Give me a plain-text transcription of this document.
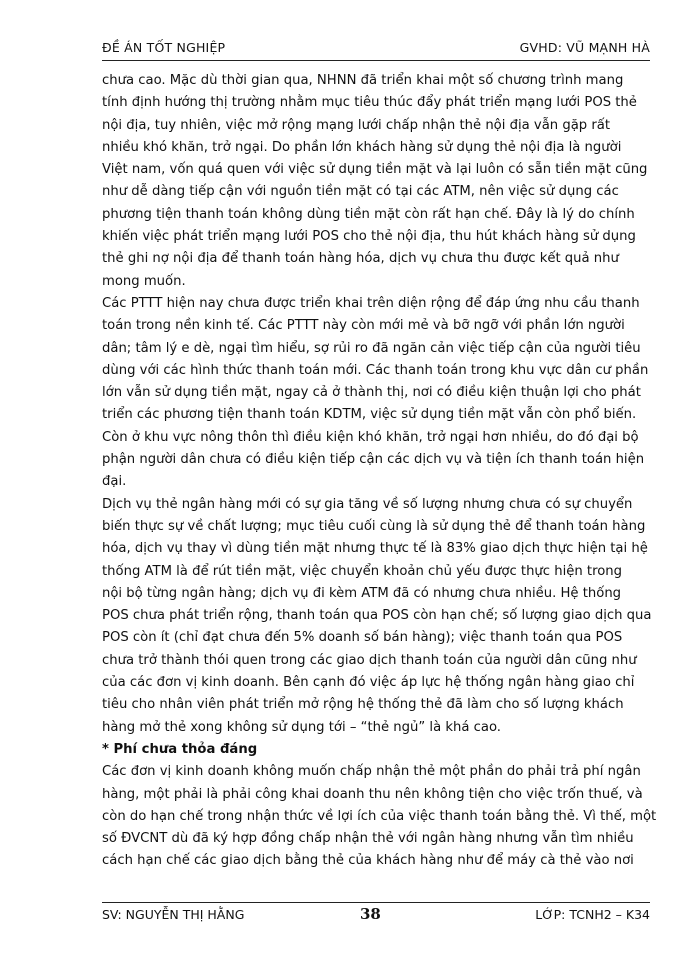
ĐỀ ÁN TỐT NGHIỆP	GVHD: VŨ MẠNH HÀ
chưa cao. Mặc dù thời gian qua, NHNN đã triển khai một số chương trình mang
tính định hướng thị trường nhằm mục tiêu thúc đẩy phát triển mạng lưới POS thẻ
nội địa, tuy nhiên, việc mở rộng mạng lưới chấp nhận thẻ nội địa vẫn gặp rất
nhiều khó khăn, trở ngại. Do phần lớn khách hàng sử dụng thẻ nội địa là người
Việt nam, vốn quá quen với việc sử dụng tiền mặt và lại luôn có sẵn tiền mặt cũng
như dễ dàng tiếp cận với nguồn tiền mặt có tại các ATM, nên việc sử dụng các
phương tiện thanh toán không dùng tiền mặt còn rất hạn chế. Đây là lý do chính
khiến việc phát triển mạng lưới POS cho thẻ nội địa, thu hút khách hàng sử dụng
thẻ ghi nợ nội địa để thanh toán hàng hóa, dịch vụ chưa thu được kết quả như
mong muốn.
Các PTTT hiện nay chưa được triển khai trên diện rộng để đáp ứng nhu cầu thanh
toán trong nền kinh tế. Các PTTT này còn mới mẻ và bỡ ngỡ với phần lớn người
dân; tâm lý e dè, ngại tìm hiểu, sợ rủi ro đã ngăn cản việc tiếp cận của người tiêu
dùng với các hình thức thanh toán mới. Các thanh toán trong khu vực dân cư phần
lớn vẫn sử dụng tiền mặt, ngay cả ở thành thị, nơi có điều kiện thuận lợi cho phát
triển các phương tiện thanh toán KDTM, việc sử dụng tiền mặt vẫn còn phổ biến.
Còn ở khu vực nông thôn thì điều kiện khó khăn, trở ngại hơn nhiều, do đó đại bộ
phận người dân chưa có điều kiện tiếp cận các dịch vụ và tiện ích thanh toán hiện
đại.
Dịch vụ thẻ ngân hàng mới có sự gia tăng về số lượng nhưng chưa có sự chuyển
biến thực sự về chất lượng; mục tiêu cuối cùng là sử dụng thẻ để thanh toán hàng
hóa, dịch vụ thay vì dùng tiền mặt nhưng thực tế là 83% giao dịch thực hiện tại hệ
thống ATM là để rút tiền mặt, việc chuyển khoản chủ yếu được thực hiện trong
nội bộ từng ngân hàng; dịch vụ đi kèm ATM đã có nhưng chưa nhiều. Hệ thống
POS chưa phát triển rộng, thanh toán qua POS còn hạn chế; số lượng giao dịch qua
POS còn ít (chỉ đạt chưa đến 5% doanh số bán hàng); việc thanh toán qua POS
chưa trở thành thói quen trong các giao dịch thanh toán của người dân cũng như
của các đơn vị kinh doanh. Bên cạnh đó việc áp lực hệ thống ngân hàng giao chỉ
tiêu cho nhân viên phát triển mở rộng hệ thống thẻ đã làm cho số lượng khách
hàng mở thẻ xong không sử dụng tới – “thẻ ngủ” là khá cao.
* Phí chưa thỏa đáng
Các đơn vị kinh doanh không muốn chấp nhận thẻ một phần do phải trả phí ngân
hàng, một phải là phải công khai doanh thu nên không tiện cho việc trốn thuế, và
còn do hạn chế trong nhận thức về lợi ích của việc thanh toán bằng thẻ. Vì thế, một
số ĐVCNT dù đã ký hợp đồng chấp nhận thẻ với ngân hàng nhưng vẫn tìm nhiều
cách hạn chế các giao dịch bằng thẻ của khách hàng như để máy cà thẻ vào nơi
SV: NGUYỄN THỊ HẰNG	38	LỚP: TCNH2 – K34
